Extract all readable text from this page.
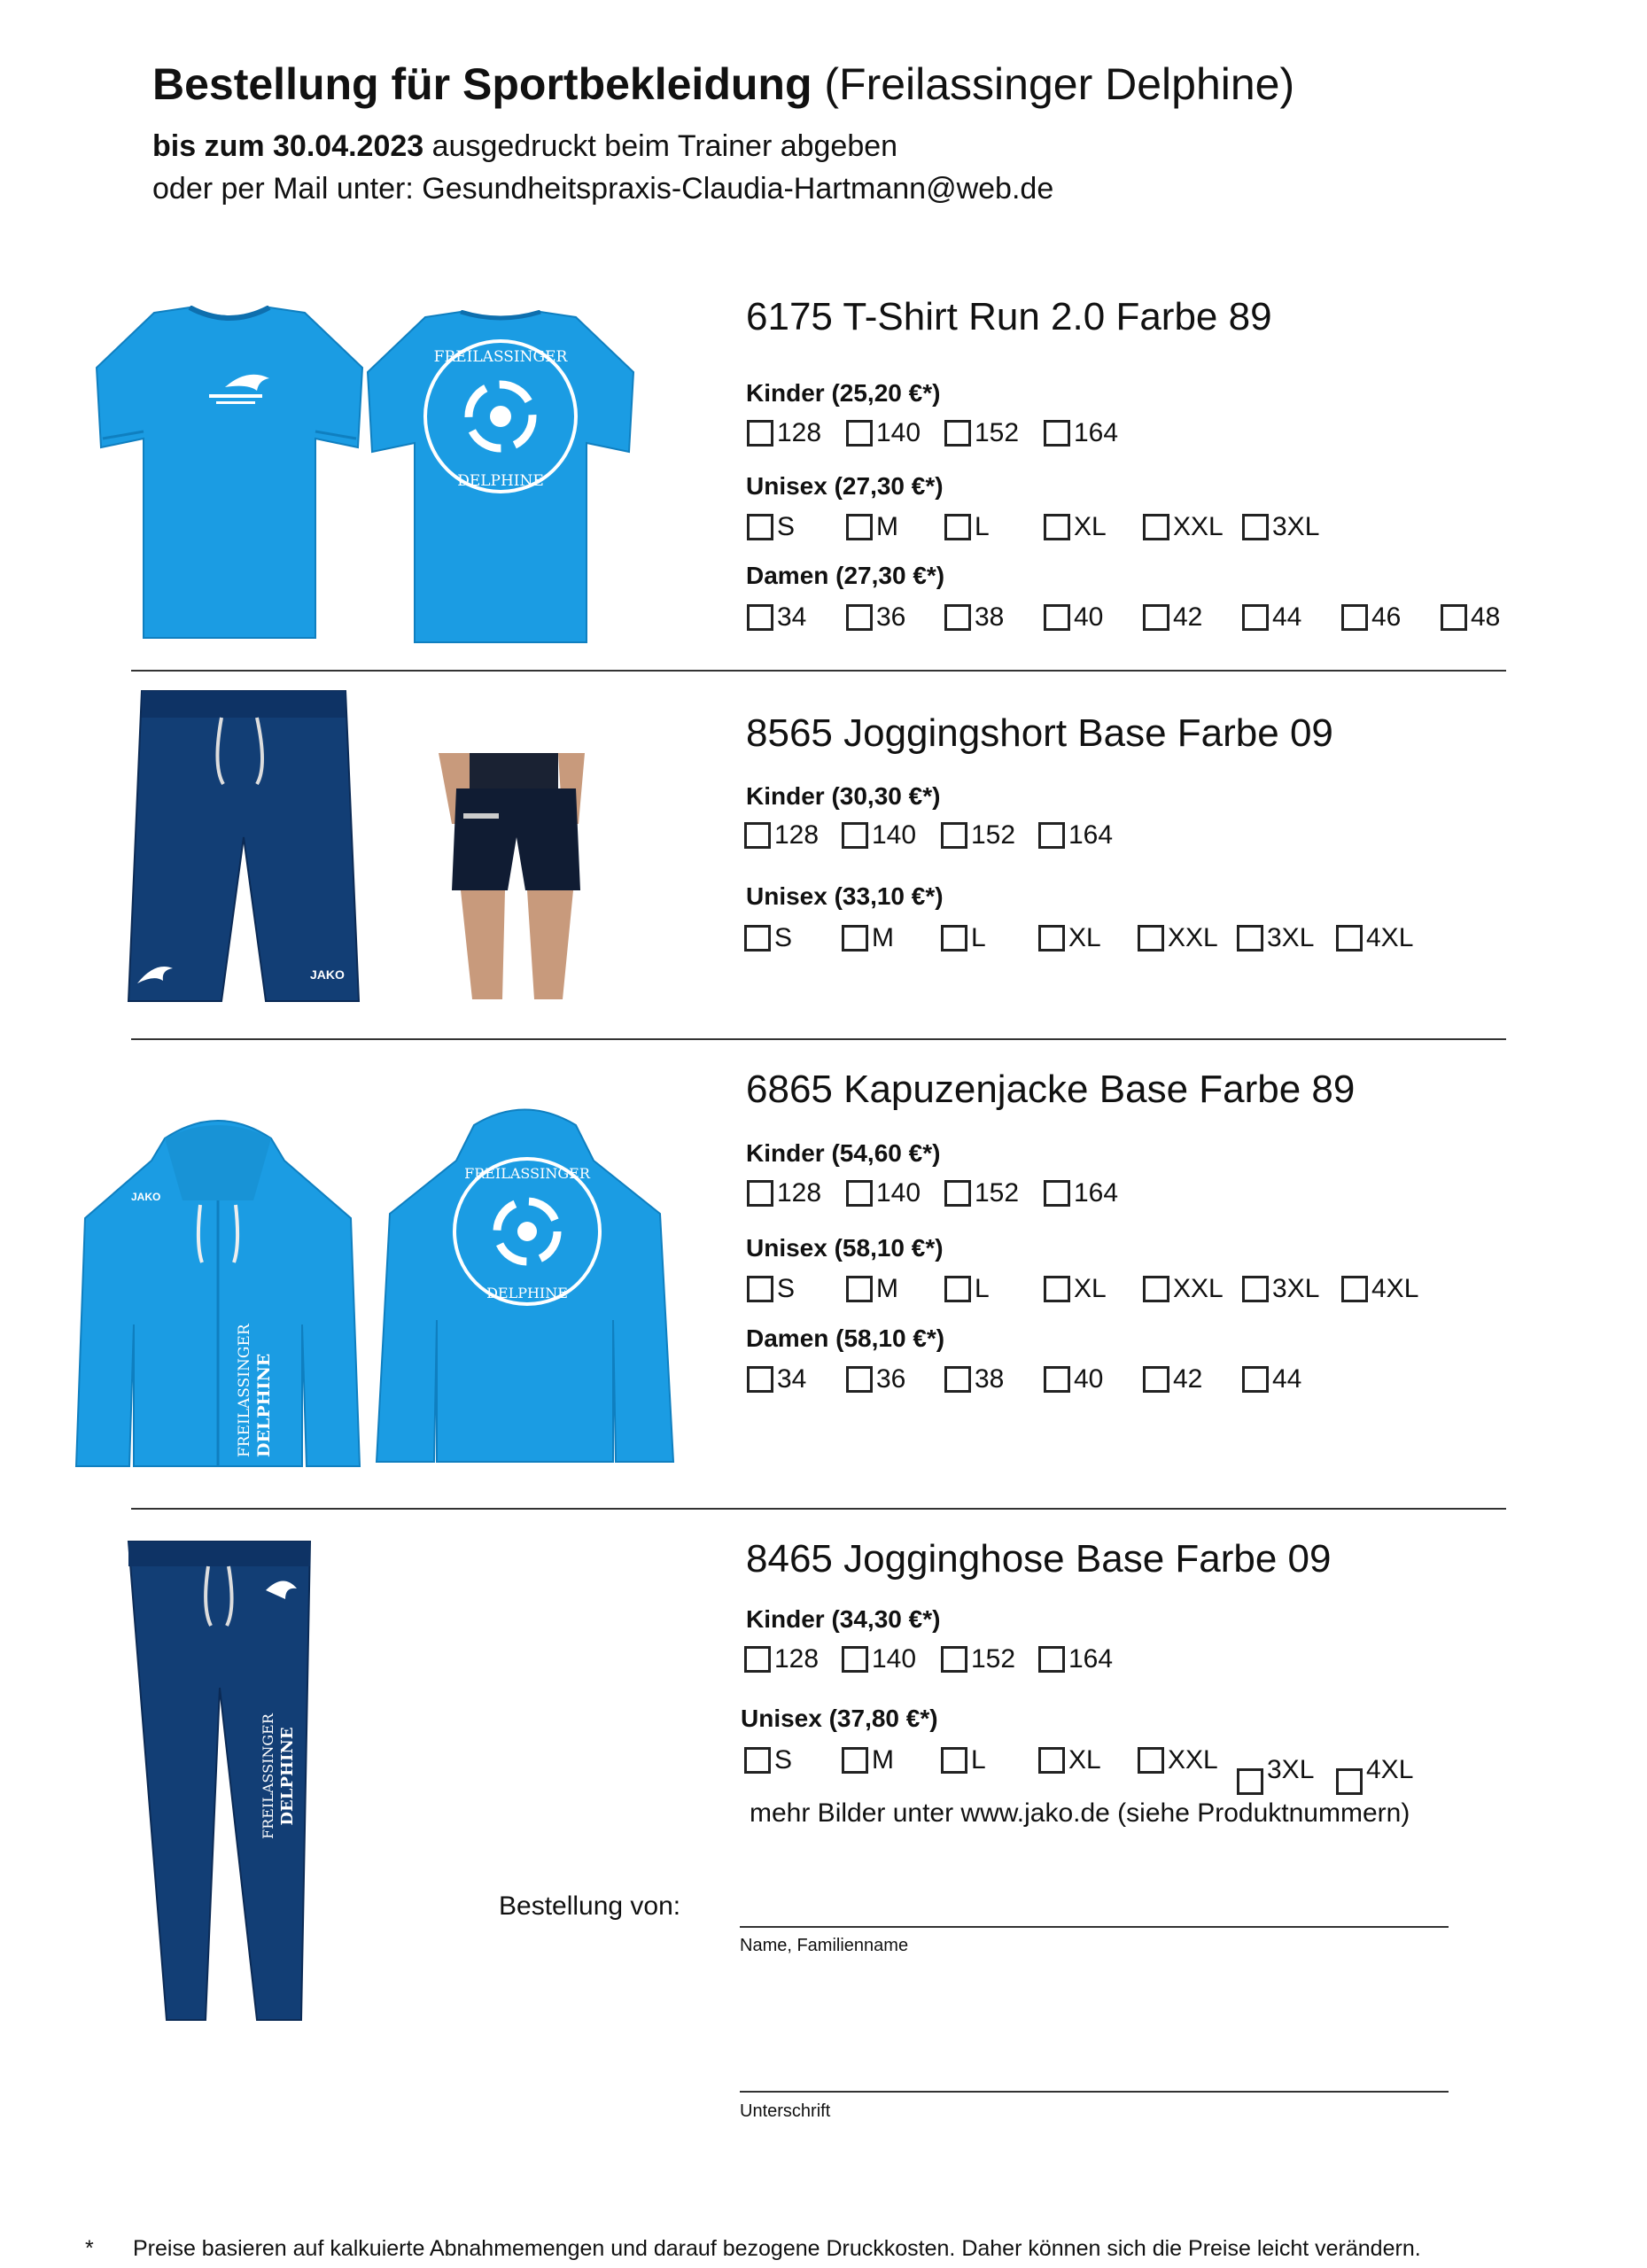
Bestellung für Sportbekleidung (Freilassinger Delphine)
bis zum 30.04.2023 ausgedruckt beim Trainer abgeben
oder per Mail unter: Gesundheitspraxis-Claudia-Hartmann@web.de
FREILASSINGER
DELPHINE
JAKO
FREILASSINGER DELPHINE
JAKO
FREILASSINGER
DELPHINE
FREILASSINGER DELPHINE
6175 T-Shirt Run 2.0 Farbe 89
Kinder (25,20 €*)
128 140 152 164
Unisex (27,30 €*)
S	M	L	XL	XXL 3XL
Damen (27,30 €*)
34	36	38	40	42	44	46	48
8565 Joggingshort Base Farbe 09
Kinder (30,30 €*)
128 140 152 164
Unisex (33,10 €*)
S	M	L	XL	XXL 3XL 4XL
6865 Kapuzenjacke Base Farbe 89
Kinder (54,60 €*)
128 140 152 164
Unisex (58,10 €*)
S	M	L	XL	XXL 3XL 4XL
Damen (58,10 €*)
34	36	38	40	42	44
8465 Jogginghose Base Farbe 09
Kinder (34,30 €*)
128 140 152 164
Unisex (37,80 €*)
S	M	L	XL	XXL 3XL 4XL
mehr Bilder unter www.jako.de (siehe Produktnummern)
Bestellung von:
Name, Familienname
Unterschrift
* Preise basieren auf kalkuierte Abnahmemengen und darauf bezogene Druckkosten. Daher können sich die Preise leicht verändern.
